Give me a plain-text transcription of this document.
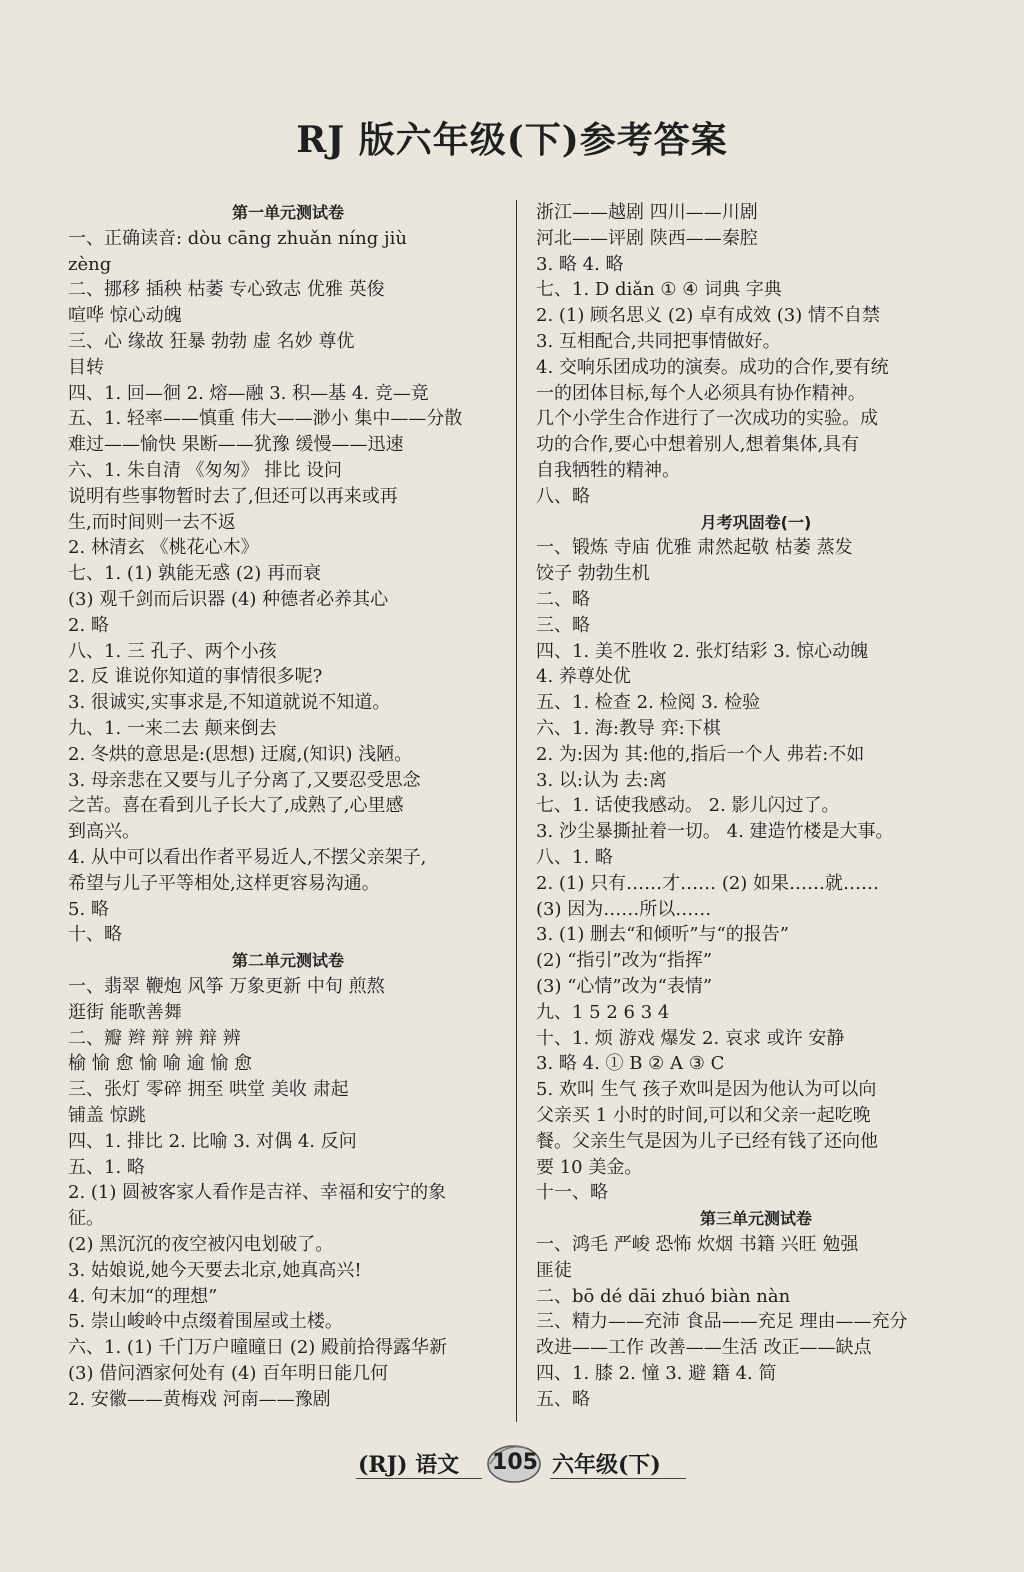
RJ 版六年级(下)参考答案
第一单元测试卷
一、正确读音: dòu cāng zhuǎn níng jiù
zèng
二、挪移 插秧 枯萎 专心致志 优雅 英俊
喧哗 惊心动魄
三、心 缘故 狂暴 勃勃 虚 名妙 尊优
目转
四、1. 回—徊 2. 熔—融 3. 积—基 4. 竞—竟
五、1. 轻率——慎重 伟大——渺小 集中——分散
难过——愉快 果断——犹豫 缓慢——迅速
六、1. 朱自清 《匆匆》 排比 设问
说明有些事物暂时去了,但还可以再来或再
生,而时间则一去不返
2. 林清玄 《桃花心木》
七、1. (1) 孰能无惑 (2) 再而衰
(3) 观千剑而后识器 (4) 种德者必养其心
2. 略
八、1. 三 孔子、两个小孩
2. 反 谁说你知道的事情很多呢?
3. 很诚实,实事求是,不知道就说不知道。
九、1. 一来二去 颠来倒去
2. 冬烘的意思是:(思想) 迂腐,(知识) 浅陋。
3. 母亲悲在又要与儿子分离了,又要忍受思念
之苦。喜在看到儿子长大了,成熟了,心里感
到高兴。
4. 从中可以看出作者平易近人,不摆父亲架子,
希望与儿子平等相处,这样更容易沟通。
5. 略
十、略
第二单元测试卷
一、翡翠 鞭炮 风筝 万象更新 中旬 煎熬
逛街 能歌善舞
二、瓣 辫 辩 辨 辩 辨
榆 愉 愈 愉 喻 逾 愉 愈
三、张灯 零碎 拥至 哄堂 美收 肃起
铺盖 惊跳
四、1. 排比 2. 比喻 3. 对偶 4. 反问
五、1. 略
2. (1) 圆被客家人看作是吉祥、幸福和安宁的象
征。
(2) 黑沉沉的夜空被闪电划破了。
3. 姑娘说,她今天要去北京,她真高兴!
4. 句末加“的理想”
5. 崇山峻岭中点缀着围屋或土楼。
六、1. (1) 千门万户曈曈日 (2) 殿前拾得露华新
(3) 借问酒家何处有 (4) 百年明日能几何
2. 安徽——黄梅戏 河南——豫剧
浙江——越剧 四川——川剧
河北——评剧 陕西——秦腔
3. 略 4. 略
七、1. D diǎn ① ④ 词典 字典
2. (1) 顾名思义 (2) 卓有成效 (3) 情不自禁
3. 互相配合,共同把事情做好。
4. 交响乐团成功的演奏。成功的合作,要有统
一的团体目标,每个人必须具有协作精神。
几个小学生合作进行了一次成功的实验。成
功的合作,要心中想着别人,想着集体,具有
自我牺牲的精神。
八、略
月考巩固卷(一)
一、锻炼 寺庙 优雅 肃然起敬 枯萎 蒸发
饺子 勃勃生机
二、略
三、略
四、1. 美不胜收 2. 张灯结彩 3. 惊心动魄
4. 养尊处优
五、1. 检查 2. 检阅 3. 检验
六、1. 海:教导 弈:下棋
2. 为:因为 其:他的,指后一个人 弗若:不如
3. 以:认为 去:离
七、1. 话使我感动。 2. 影儿闪过了。
3. 沙尘暴撕扯着一切。 4. 建造竹楼是大事。
八、1. 略
2. (1) 只有……才…… (2) 如果……就……
(3) 因为……所以……
3. (1) 删去“和倾听”与“的报告”
(2) “指引”改为“指挥”
(3) “心情”改为“表情”
九、1 5 2 6 3 4
十、1. 烦 游戏 爆发 2. 哀求 或许 安静
3. 略 4. ① B ② A ③ C
5. 欢叫 生气 孩子欢叫是因为他认为可以向
父亲买 1 小时的时间,可以和父亲一起吃晚
餐。父亲生气是因为儿子已经有钱了还向他
要 10 美金。
十一、略
第三单元测试卷
一、鸿毛 严峻 恐怖 炊烟 书籍 兴旺 勉强
匪徒
二、bō dé dāi zhuó biàn nàn
三、精力——充沛 食品——充足 理由——充分
改进——工作 改善——生活 改正——缺点
四、1. 膝 2. 憧 3. 避 籍 4. 简
五、略
(RJ) 语文 105 六年级(下)
